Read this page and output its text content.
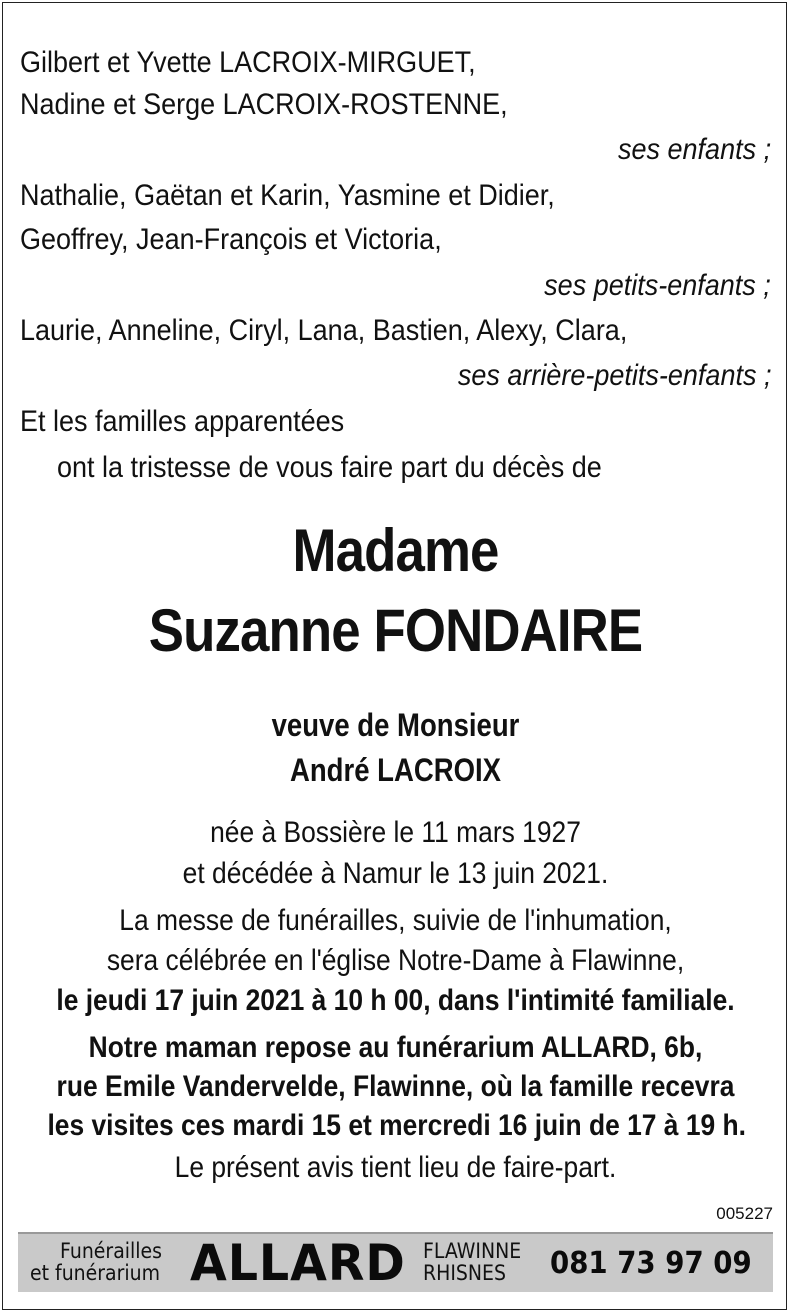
Gilbert et Yvette LACROIX-MIRGUET,
Nadine et Serge LACROIX-ROSTENNE,
ses enfants ;
Nathalie, Gaëtan et Karin, Yasmine et Didier,
Geoffrey, Jean-François et Victoria,
ses petits-enfants ;
Laurie, Anneline, Ciryl, Lana, Bastien, Alexy, Clara,
ses arrière-petits-enfants ;
Et les familles apparentées
ont la tristesse de vous faire part du décès de
Madame
Suzanne FONDAIRE
veuve de Monsieur
André LACROIX
née à Bossière le 11 mars 1927
et décédée à Namur le 13 juin 2021.
La messe de funérailles, suivie de l'inhumation,
sera célébrée en l'église Notre-Dame à Flawinne,
le jeudi 17 juin 2021 à 10 h 00, dans l'intimité familiale.
Notre maman repose au funérarium ALLARD, 6b,
rue Emile Vandervelde, Flawinne, où la famille recevra
les visites ces mardi 15 et mercredi 16 juin de 17 à 19 h.
Le présent avis tient lieu de faire-part.
005227
Funérailles
et funérarium ALLARD FLAWINNE
RHISNES 081 73 97 09
